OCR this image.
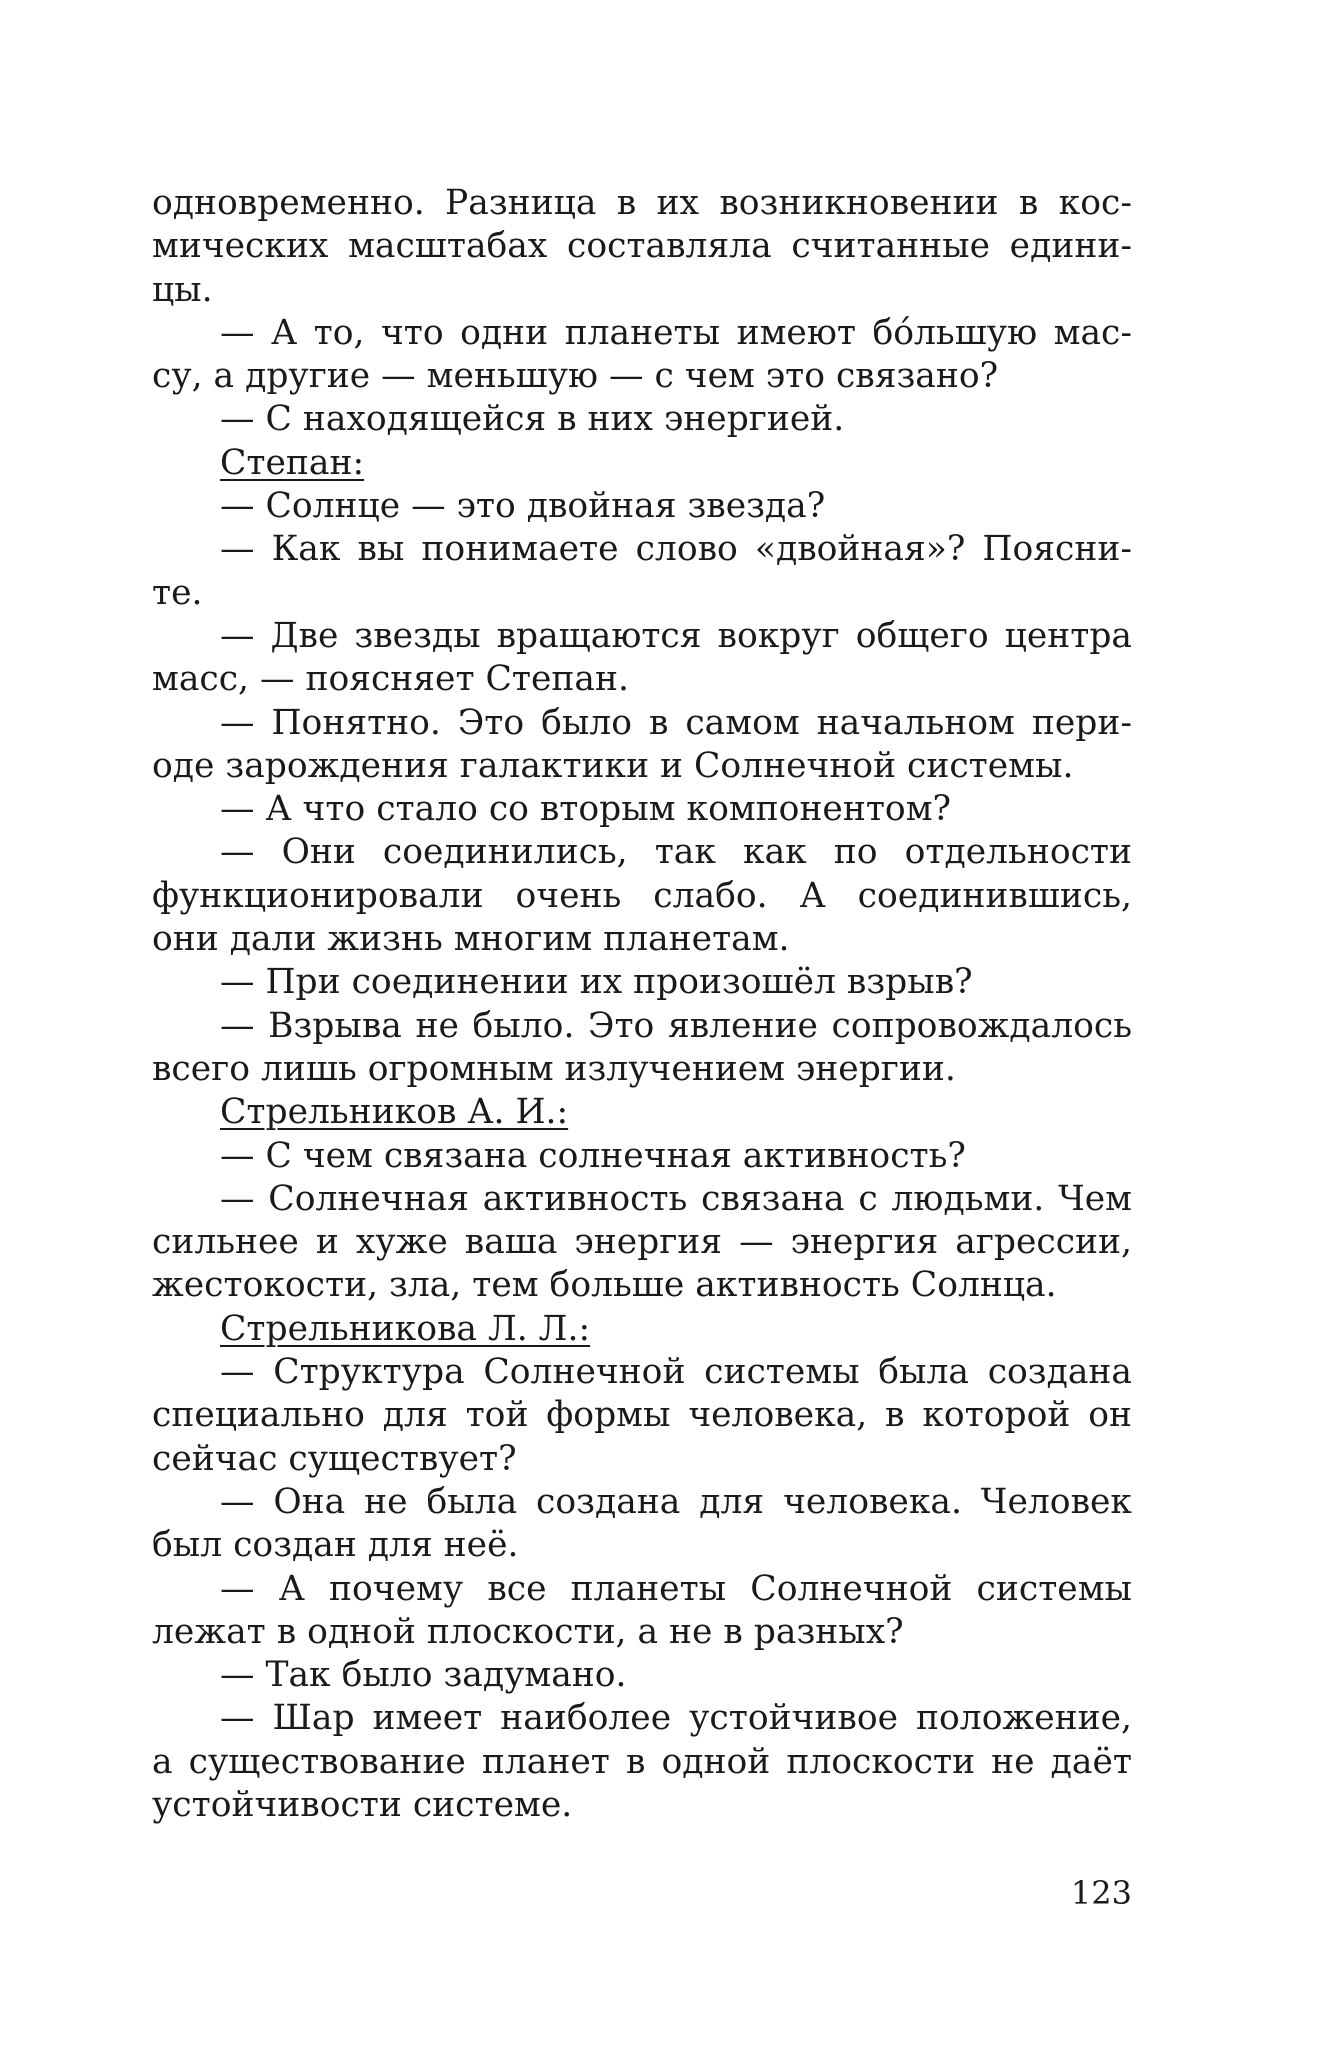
одновременно. Разница в их возникновении в кос-
мических масштабах составляла считанные едини-
цы.
— А то, что одни планеты имеют бóльшую мас-
су, а другие — меньшую — с чем это связано?
— С находящейся в них энергией.
Степан:
— Солнце — это двойная звезда?
— Как вы понимаете слово «двойная»? Поясни-
те.
— Две звезды вращаются вокруг общего центра
масс, — поясняет Степан.
— Понятно. Это было в самом начальном пери-
оде зарождения галактики и Солнечной системы.
— А что стало со вторым компонентом?
— Они соединились, так как по отдельности
функционировали очень слабо. А соединившись,
они дали жизнь многим планетам.
— При соединении их произошёл взрыв?
— Взрыва не было. Это явление сопровождалось
всего лишь огромным излучением энергии.
Стрельников А. И.:
— С чем связана солнечная активность?
— Солнечная активность связана с людьми. Чем
сильнее и хуже ваша энергия — энергия агрессии,
жестокости, зла, тем больше активность Солнца.
Стрельникова Л. Л.:
— Структура Солнечной системы была создана
специально для той формы человека, в которой он
сейчас существует?
— Она не была создана для человека. Человек
был создан для неё.
— А почему все планеты Солнечной системы
лежат в одной плоскости, а не в разных?
— Так было задумано.
— Шар имеет наиболее устойчивое положение,
а существование планет в одной плоскости не даёт
устойчивости системе.
123
